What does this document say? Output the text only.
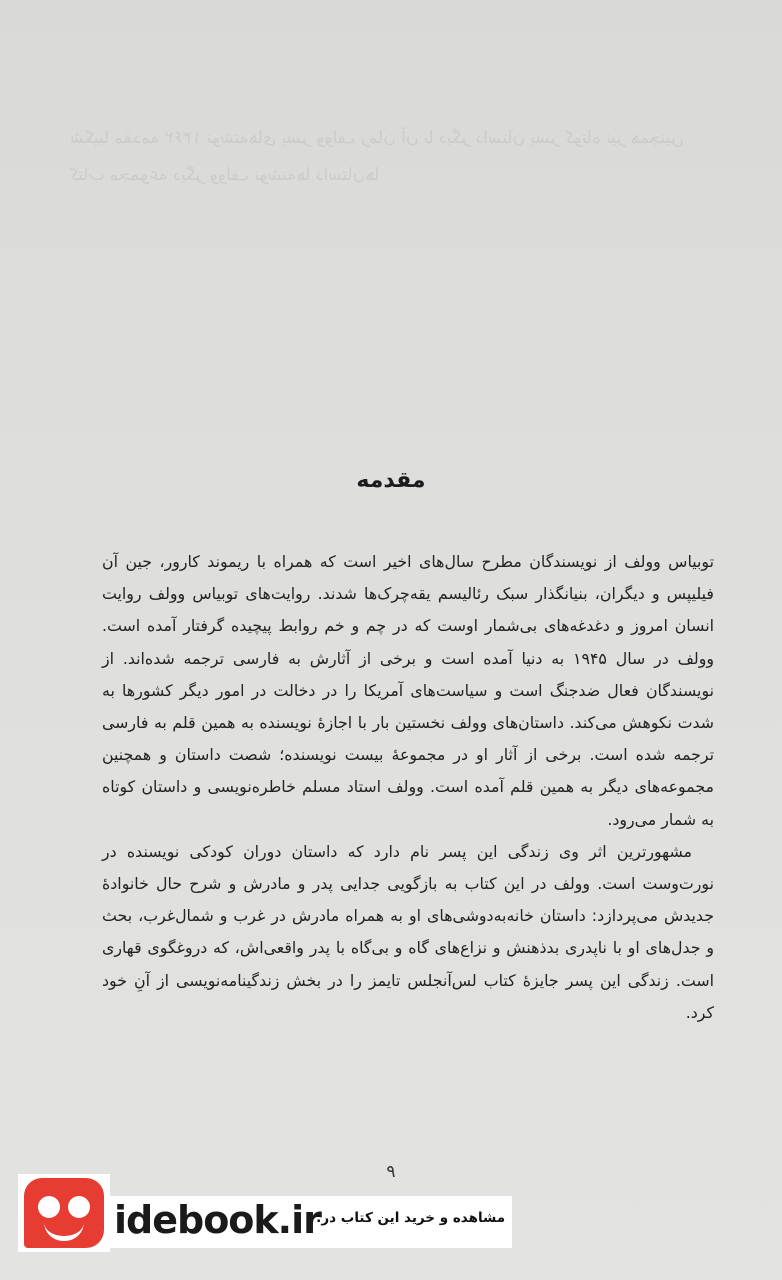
شکیبا مقدمه ۱۳۶۲ نوشته‌های پسر وولف زمان آن با دیگر داستان پسر کوتاه نیز همچنین کتاب مجموعه دیگر وولف نوشته‌ها داستان‌ها
مقدمه

توبیاس وولف از نویسندگان مطرح سال‌های اخیر است که همراه با ریموند کارور، جین آن فیلیپس و دیگران، بنیانگذار سبک رئالیسم یقه‌چرک‌ها شدند. روایت‌های توبیاس وولف روایت انسان امروز و دغدغه‌های بی‌شمار اوست که در چم و خم روابط پیچیده گرفتار آمده است. وولف در سال ۱۹۴۵ به دنیا آمده است و برخی از آثارش به فارسی ترجمه شده‌اند. از نویسندگان فعال ضدجنگ است و سیاست‌های آمریکا را در دخالت در امور دیگر کشورها به شدت نکوهش می‌کند. داستان‌های وولف نخستین بار با اجازهٔ نویسنده به همین قلم به فارسی ترجمه شده است. برخی از آثار او در مجموعهٔ بیست نویسنده؛ شصت داستان و همچنین مجموعه‌های دیگر به همین قلم آمده است. وولف استاد مسلم خاطره‌نویسی و داستان کوتاه به شمار می‌رود.

مشهورترین اثر وی زندگی این پسر نام دارد که داستان دوران کودکی نویسنده در نورت‌وست است. وولف در این کتاب به بازگویی جدایی پدر و مادرش و شرح حال خانوادهٔ جدیدش می‌پردازد: داستان خانه‌به‌دوشی‌های او به همراه مادرش در غرب و شمال‌غرب، بحث و جدل‌های او با ناپدری بدذهنش و نزاع‌های گاه و بی‌گاه با پدر واقعی‌اش، که دروغگوی قهاری است. زندگی این پسر جایزهٔ کتاب لس‌آنجلس تایمز را در بخش زندگینامه‌نویسی از آنِ خود کرد.

۹
idebook.ir
مشاهده و خرید این کتاب در:
